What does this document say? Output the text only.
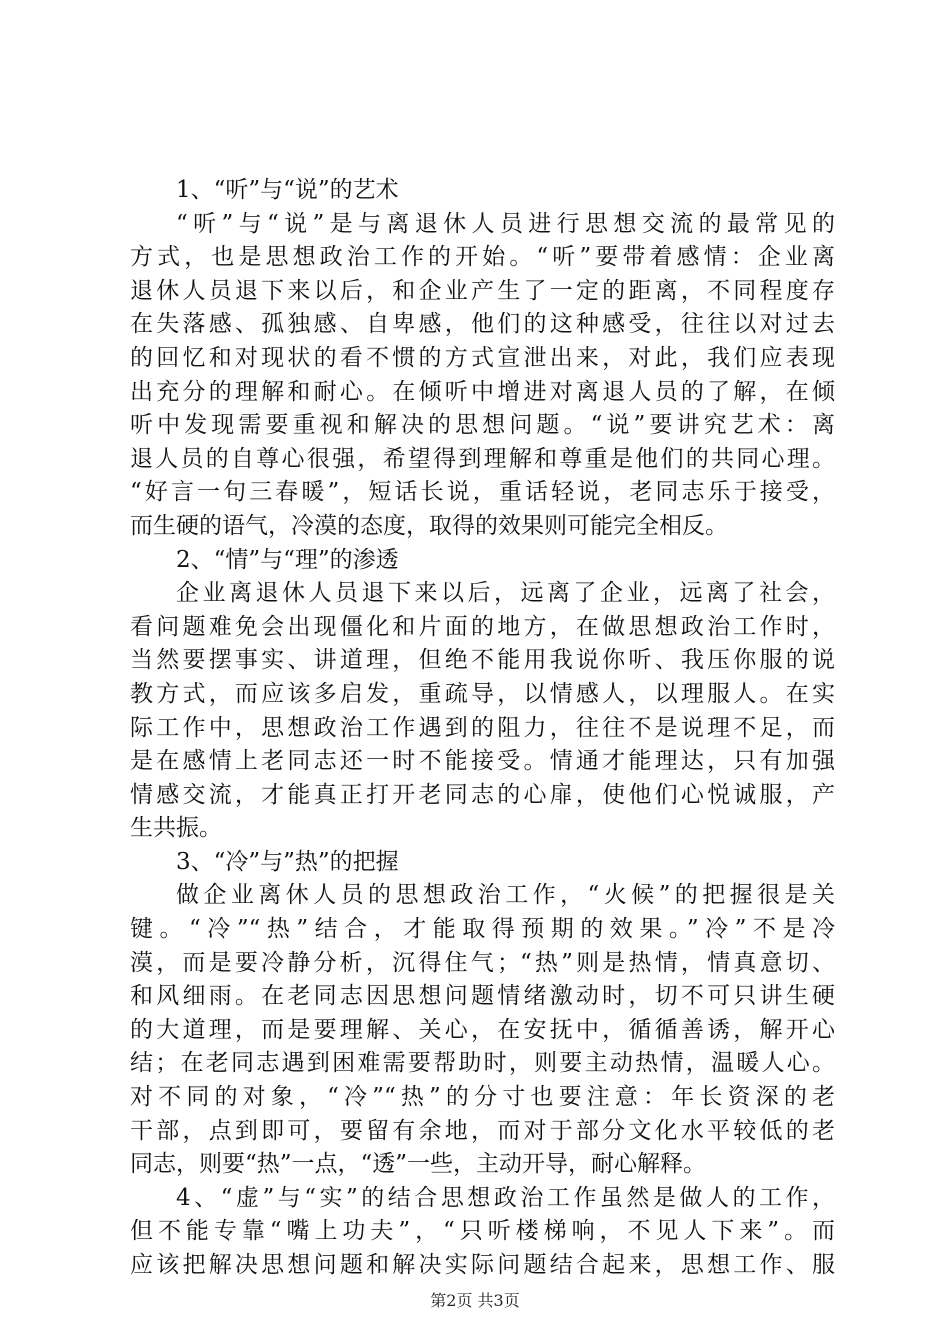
1、“听”与“说”的艺术
“听”与“说”是与离退休人员进行思想交流的最常见的
方式，也是思想政治工作的开始。“听”要带着感情：企业离
退休人员退下来以后，和企业产生了一定的距离，不同程度存
在失落感、孤独感、自卑感，他们的这种感受，往往以对过去
的回忆和对现状的看不惯的方式宣泄出来，对此，我们应表现
出充分的理解和耐心。在倾听中增进对离退人员的了解，在倾
听中发现需要重视和解决的思想问题。“说”要讲究艺术：离
退人员的自尊心很强，希望得到理解和尊重是他们的共同心理。
“好言一句三春暖”，短话长说，重话轻说，老同志乐于接受，
而生硬的语气，冷漠的态度，取得的效果则可能完全相反。
2、“情”与“理”的渗透
企业离退休人员退下来以后，远离了企业，远离了社会，
看问题难免会出现僵化和片面的地方，在做思想政治工作时，
当然要摆事实、讲道理，但绝不能用我说你听、我压你服的说
教方式，而应该多启发，重疏导，以情感人，以理服人。在实
际工作中，思想政治工作遇到的阻力，往往不是说理不足，而
是在感情上老同志还一时不能接受。情通才能理达，只有加强
情感交流，才能真正打开老同志的心扉，使他们心悦诚服，产
生共振。
3、“冷”与”热”的把握
做企业离休人员的思想政治工作，“火候”的把握很是关
键。“冷”“热”结合，才能取得预期的效果。”冷”不是冷
漠，而是要冷静分析，沉得住气；“热”则是热情，情真意切、
和风细雨。在老同志因思想问题情绪激动时，切不可只讲生硬
的大道理，而是要理解、关心，在安抚中，循循善诱，解开心
结；在老同志遇到困难需要帮助时，则要主动热情，温暖人心。
对不同的对象，“冷”“热”的分寸也要注意：年长资深的老
干部，点到即可，要留有余地，而对于部分文化水平较低的老
同志，则要“热”一点，“透”一些，主动开导，耐心解释。
4、“虚”与“实”的结合思想政治工作虽然是做人的工作，
但不能专靠“嘴上功夫”，“只听楼梯响，不见人下来”。而
应该把解决思想问题和解决实际问题结合起来，思想工作、服
第2页 共3页
